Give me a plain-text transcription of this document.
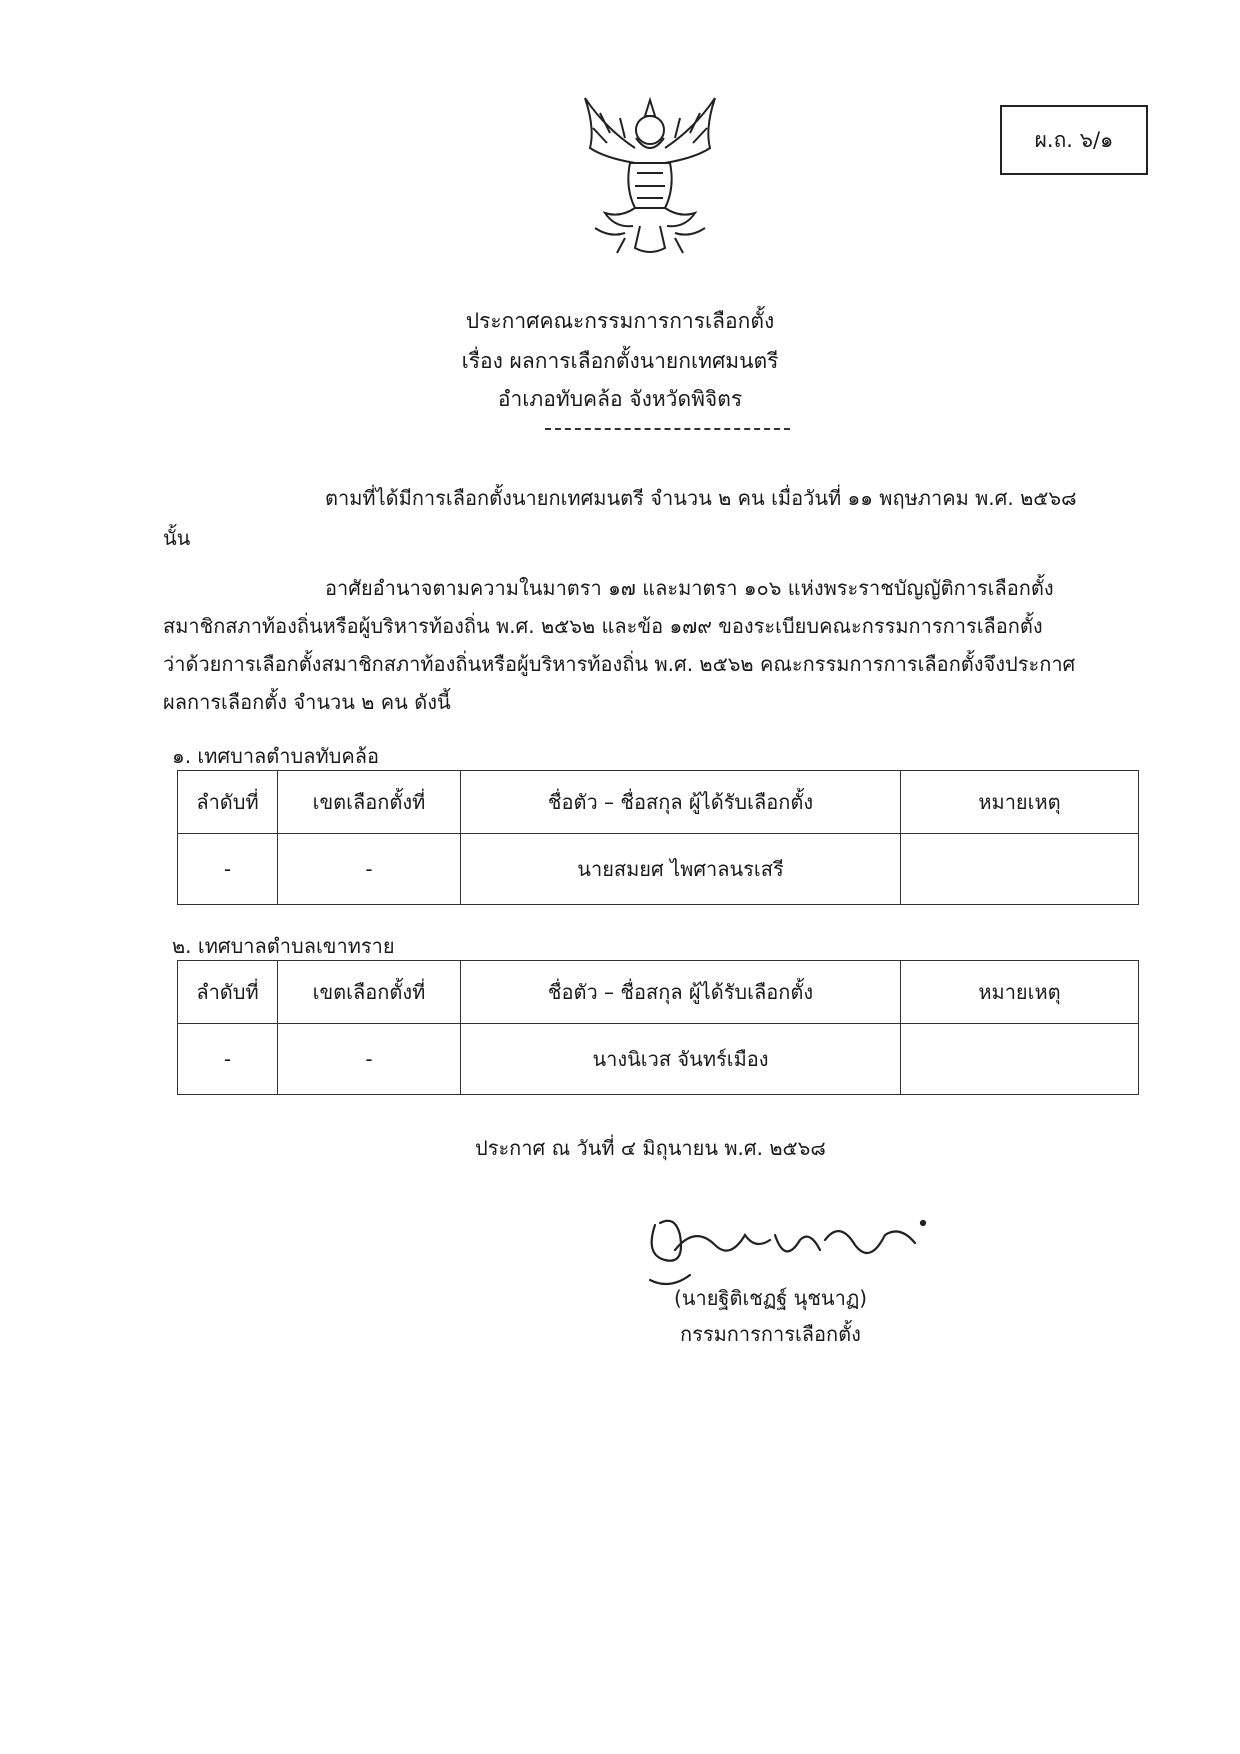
ผ.ถ. ๖/๑
ประกาศคณะกรรมการการเลือกตั้ง
เรื่อง ผลการเลือกตั้งนายกเทศมนตรี
อำเภอทับคล้อ จังหวัดพิจิตร
ตามที่ได้มีการเลือกตั้งนายกเทศมนตรี จำนวน ๒ คน เมื่อวันที่ ๑๑ พฤษภาคม พ.ศ. ๒๕๖๘
นั้น
อาศัยอำนาจตามความในมาตรา ๑๗ และมาตรา ๑๐๖ แห่งพระราชบัญญัติการเลือกตั้ง
สมาชิกสภาท้องถิ่นหรือผู้บริหารท้องถิ่น พ.ศ. ๒๕๖๒ และข้อ ๑๗๙ ของระเบียบคณะกรรมการการเลือกตั้ง
ว่าด้วยการเลือกตั้งสมาชิกสภาท้องถิ่นหรือผู้บริหารท้องถิ่น พ.ศ. ๒๕๖๒ คณะกรรมการการเลือกตั้งจึงประกาศ
ผลการเลือกตั้ง จำนวน ๒ คน ดังนี้
๑. เทศบาลตำบลทับคล้อ
ลำดับที่	เขตเลือกตั้งที่	ชื่อตัว – ชื่อสกุล ผู้ได้รับเลือกตั้ง	หมายเหตุ
-	-	นายสมยศ ไพศาลนรเสรี	
๒. เทศบาลตำบลเขาทราย
ลำดับที่	เขตเลือกตั้งที่	ชื่อตัว – ชื่อสกุล ผู้ได้รับเลือกตั้ง	หมายเหตุ
-	-	นางนิเวส จันทร์เมือง	
ประกาศ ณ วันที่ ๔ มิถุนายน พ.ศ. ๒๕๖๘
(นายฐิติเชฏฐ์ นุชนาฏ)
กรรมการการเลือกตั้ง
